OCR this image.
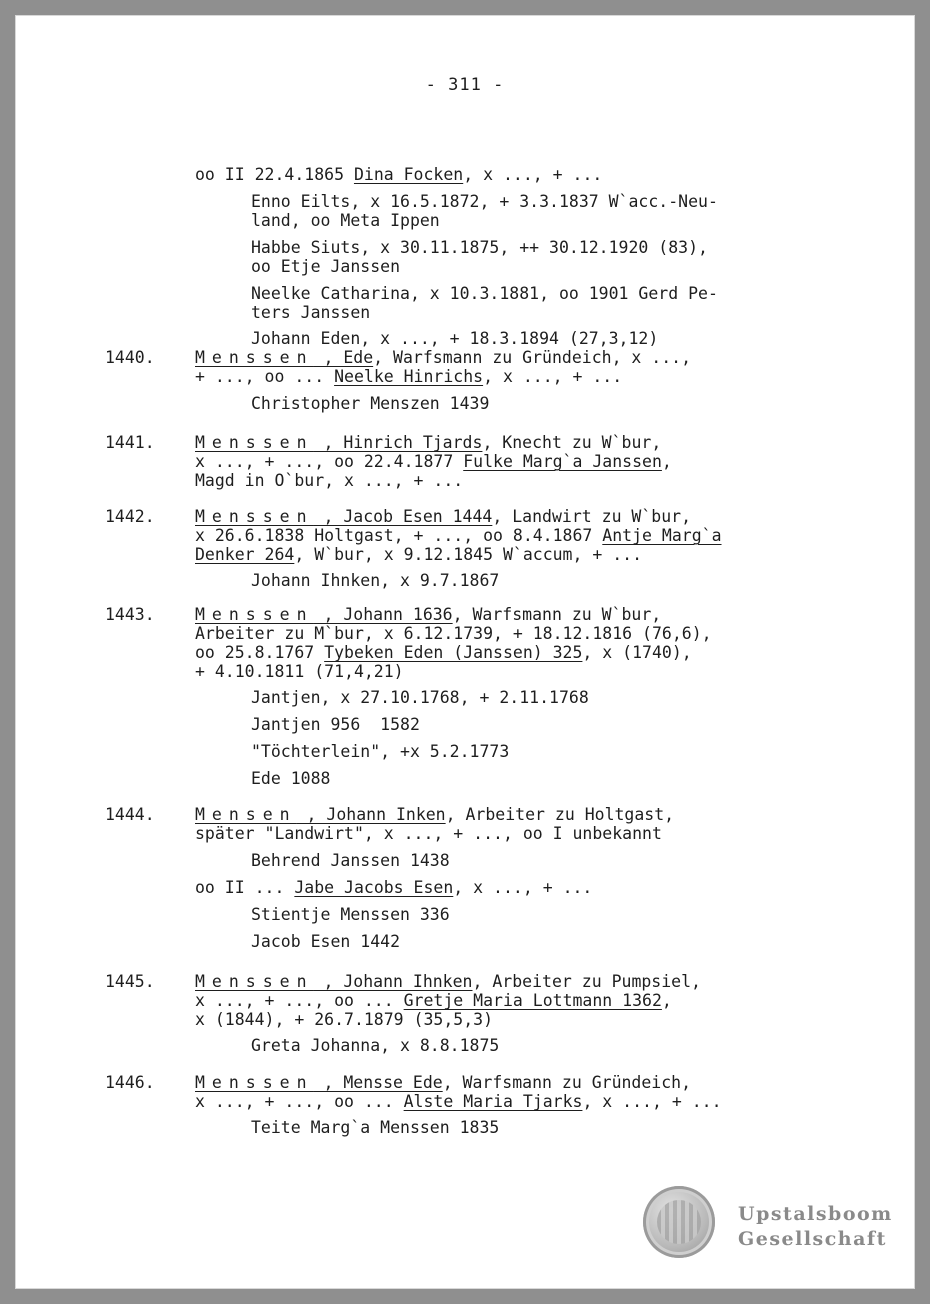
- 311 -
oo II 22.4.1865 Dina Focken, x ..., + ...
Enno Eilts, x 16.5.1872, + 3.3.1837 W`acc.-Neu-
land, oo Meta Ippen
Habbe Siuts, x 30.11.1875, ++ 30.12.1920 (83),
oo Etje Janssen
Neelke Catharina, x 10.3.1881, oo 1901 Gerd Pe-
ters Janssen
Johann Eden, x ..., + 18.3.1894 (27,3,12)
1440. Menssen , Ede, Warfsmann zu Gründeich, x ...,
+ ..., oo ... Neelke Hinrichs, x ..., + ...
Christopher Menszen 1439
1441. Menssen , Hinrich Tjards, Knecht zu W`bur,
x ..., + ..., oo 22.4.1877 Fulke Marg`a Janssen,
Magd in O`bur, x ..., + ...
1442. Menssen , Jacob Esen 1444, Landwirt zu W`bur,
x 26.6.1838 Holtgast, + ..., oo 8.4.1867 Antje Marg`a
Denker 264, W`bur, x 9.12.1845 W`accum, + ...
Johann Ihnken, x 9.7.1867
1443. Menssen , Johann 1636, Warfsmann zu W`bur,
Arbeiter zu M`bur, x 6.12.1739, + 18.12.1816 (76,6),
oo 25.8.1767 Tybeken Eden (Janssen) 325, x (1740),
+ 4.10.1811 (71,4,21)
Jantjen, x 27.10.1768, + 2.11.1768
Jantjen 956  1582
"Töchterlein", +x 5.2.1773
Ede 1088
1444. Mensen , Johann Inken, Arbeiter zu Holtgast,
später "Landwirt", x ..., + ..., oo I unbekannt
Behrend Janssen 1438
oo II ... Jabe Jacobs Esen, x ..., + ...
Stientje Menssen 336
Jacob Esen 1442
1445. Menssen , Johann Ihnken, Arbeiter zu Pumpsiel,
x ..., + ..., oo ... Gretje Maria Lottmann 1362,
x (1844), + 26.7.1879 (35,5,3)
Greta Johanna, x 8.8.1875
1446. Menssen , Mensse Ede, Warfsmann zu Gründeich,
x ..., + ..., oo ... Alste Maria Tjarks, x ..., + ...
Teite Marg`a Menssen 1835
Upstalsboom
Gesellschaft
